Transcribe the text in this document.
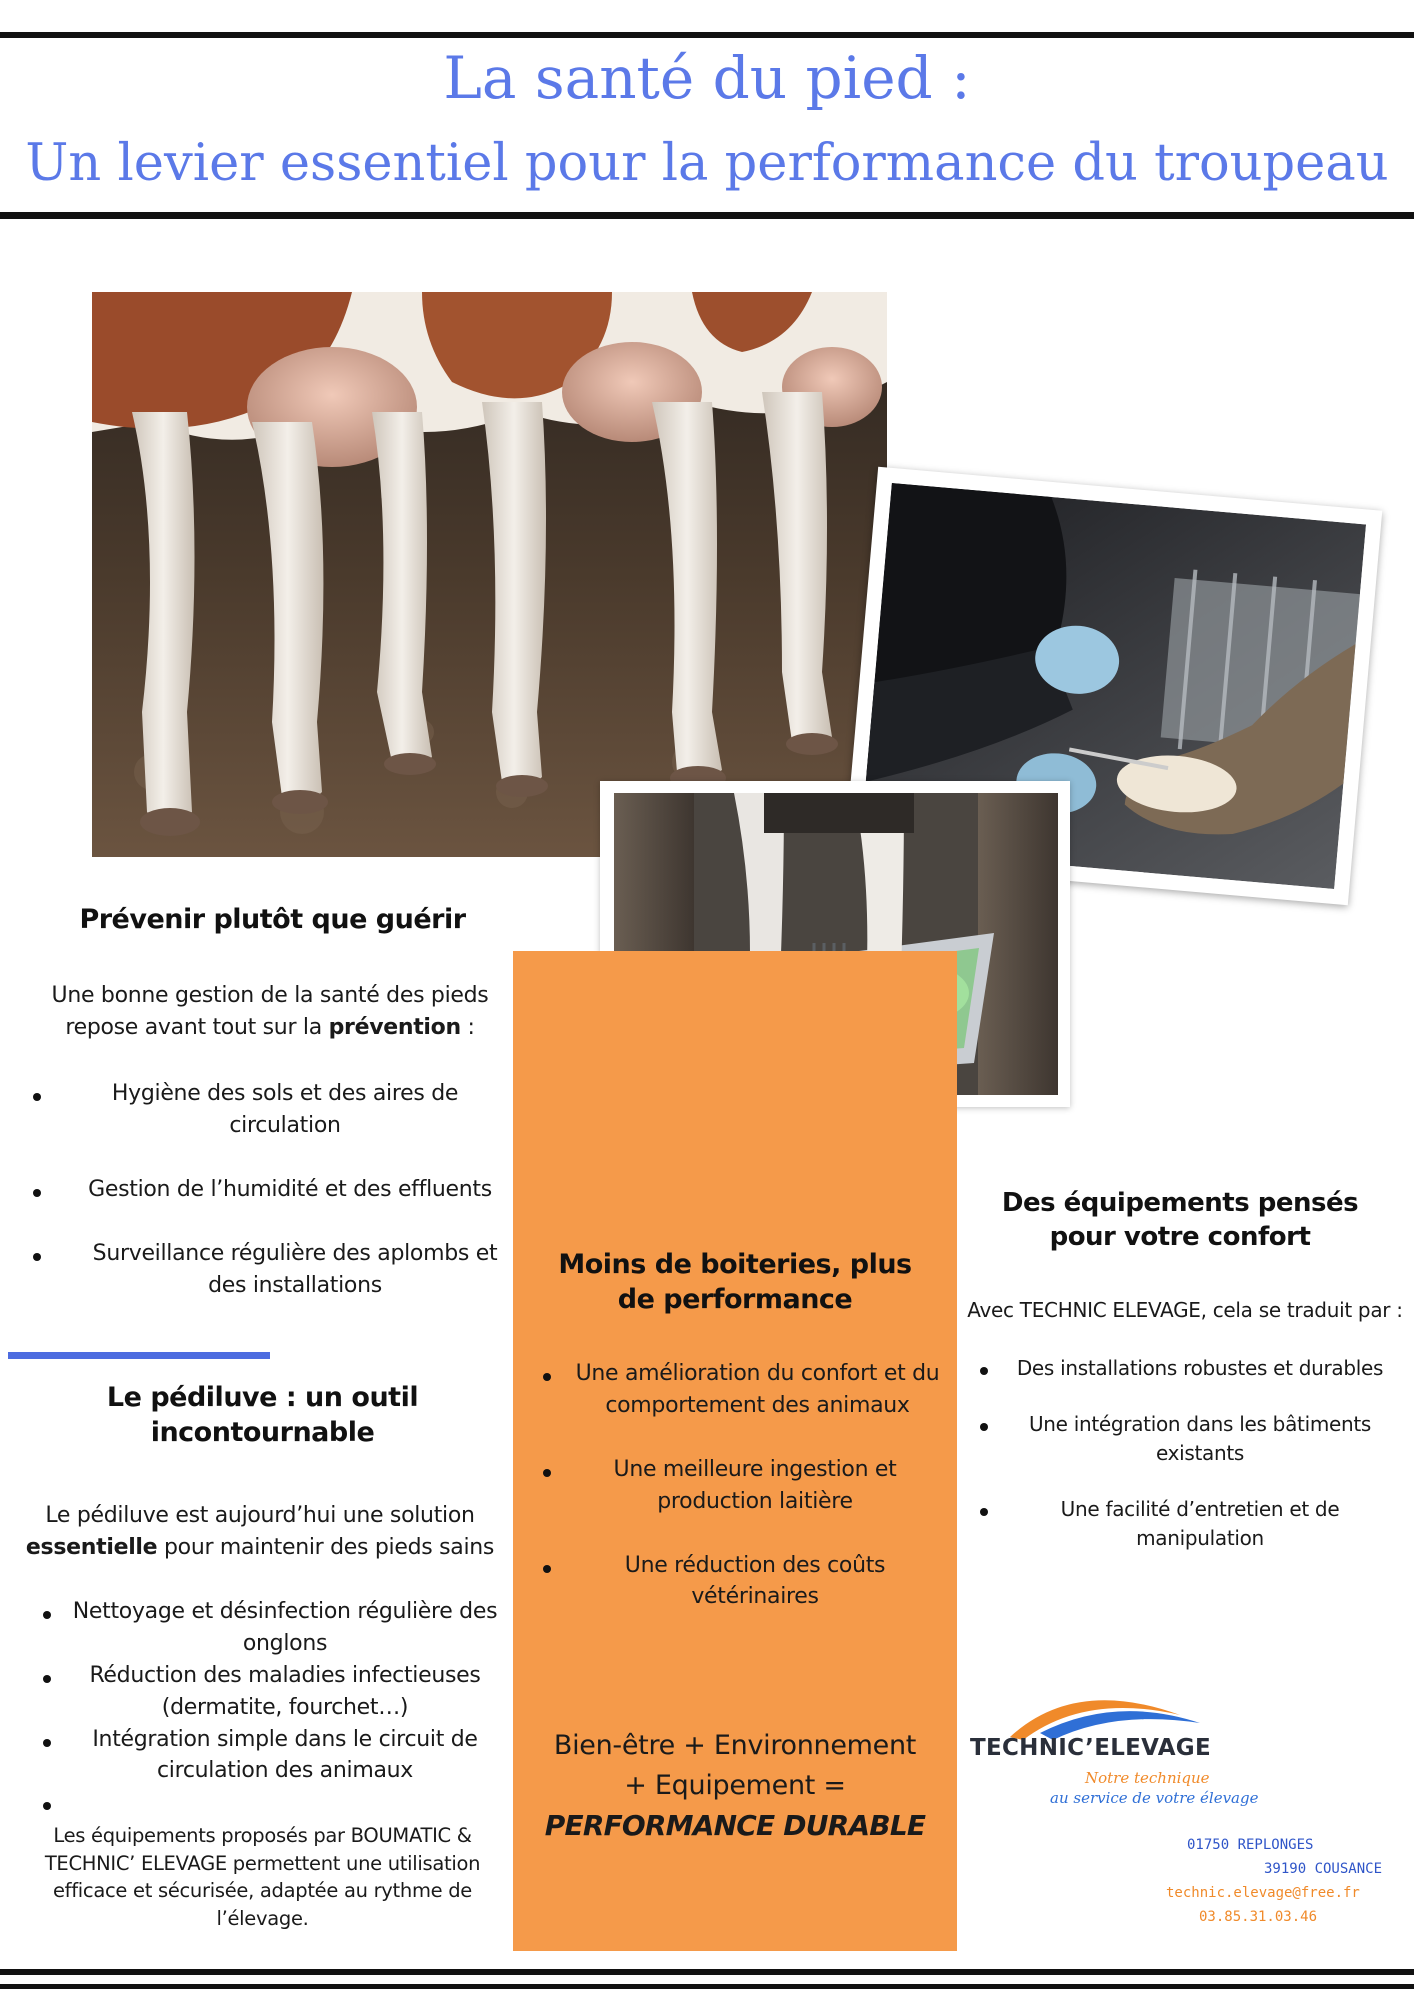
La santé du pied :
Un levier essentiel pour la performance du troupeau
Prévenir plutôt que guérir

Une bonne gestion de la santé des pieds repose avant tout sur la prévention :

Hygiène des sols et des aires de circulation
Gestion de l’humidité et des effluents
Surveillance régulière des aplombs et des installations
Le pédiluve : un outil incontournable

Le pédiluve est aujourd’hui une solution essentielle pour maintenir des pieds sains

Nettoyage et désinfection régulière des onglons
Réduction des maladies infectieuses (dermatite, fourchet…)
Intégration simple dans le circuit de circulation des animaux

Les équipements proposés par BOUMATIC & TECHNIC’ ELEVAGE permettent une utilisation efficace et sécurisée, adaptée au rythme de l’élevage.

Moins de boiteries, plus de performance
Une amélioration du confort et du comportement des animaux
Une meilleure ingestion et production laitière
Une réduction des coûts vétérinaires

Bien-être + Environnement

+ Equipement =

PERFORMANCE DURABLE

Des équipements pensés pour votre confort

Avec TECHNIC ELEVAGE, cela se traduit par :

Des installations robustes et durables
Une intégration dans les bâtiments existants
Une facilité d’entretien et de manipulation
TECHNIC’ELEVAGE
Notre technique
au service de votre élevage
01750 REPLONGES
39190 COUSANCE
technic.elevage@free.fr
03.85.31.03.46
